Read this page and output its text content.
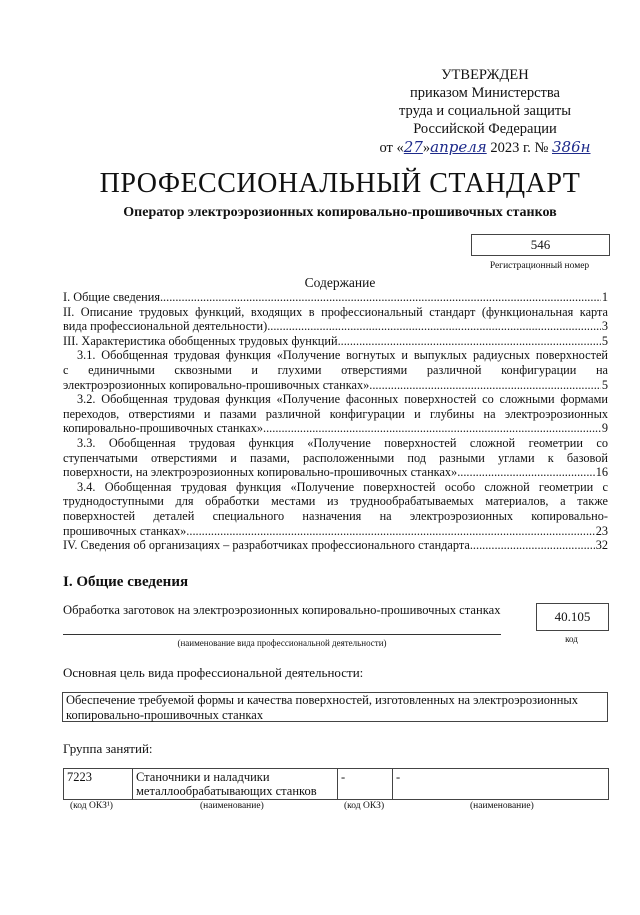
УТВЕРЖДЕН
приказом Министерства
труда и социальной защиты
Российской Федерации
от «27»апреля 2023 г. № 386н
ПРОФЕССИОНАЛЬНЫЙ СТАНДАРТ
Оператор электроэрозионных копировально-прошивочных станков
546
Регистрационный номер
Содержание
I. Общие сведения .....	1
II. Описание трудовых функций, входящих в профессиональный стандарт (функциональная карта
вида профессиональной деятельности) .....	3
III. Характеристика обобщенных трудовых функций .....	5
3.1. Обобщенная трудовая функция «Получение вогнутых и выпуклых радиусных поверхностей
с единичными сквозными и глухими отверстиями различной конфигурации на
электроэрозионных копировально-прошивочных станках» .....	5
3.2. Обобщенная трудовая функция «Получение фасонных поверхностей со сложными формами
переходов, отверстиями и пазами различной конфигурации и глубины на электроэрозионных
копировально-прошивочных станках» .....	9
3.3. Обобщенная трудовая функция «Получение поверхностей сложной геометрии со
ступенчатыми отверстиями и пазами, расположенными под разными углами к базовой
поверхности, на электроэрозионных копировально-прошивочных станках» .....	16
3.4. Обобщенная трудовая функция «Получение поверхностей особо сложной геометрии с
труднодоступными для обработки местами из труднообрабатываемых материалов, а также
поверхностей деталей специального назначения на электроэрозионных копировально-
прошивочных станках» .....	23
IV. Сведения об организациях – разработчиках профессионального стандарта .....	32
I. Общие сведения
Обработка заготовок на электроэрозионных копировально-прошивочных станках
(наименование вида профессиональной деятельности)
40.105
код
Основная цель вида профессиональной деятельности:
Обеспечение требуемой формы и качества поверхностей, изготовленных на электроэрозионных копировально-прошивочных станках
Группа занятий:
7223	Станочники и наладчики металлообрабатывающих станков	-	-
(код ОКЗ¹)	(наименование)	(код ОКЗ)	(наименование)
